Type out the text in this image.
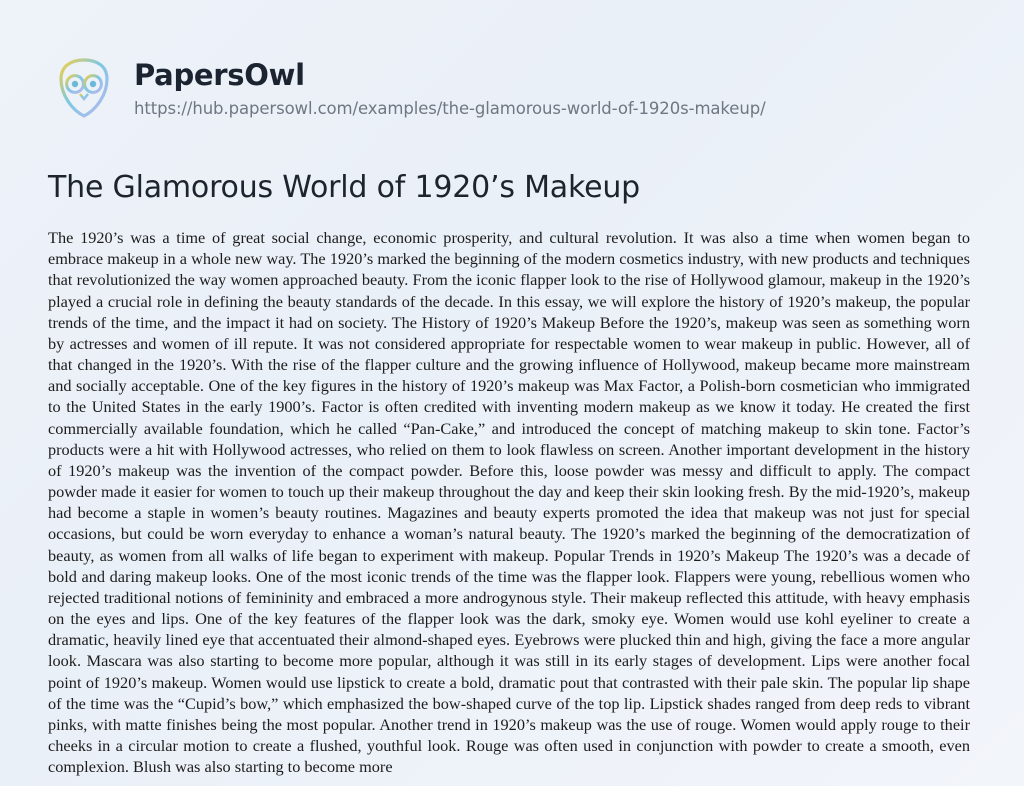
PapersOwl
https://hub.papersowl.com/examples/the-glamorous-world-of-1920s-makeup/
The Glamorous World of 1920’s Makeup

The 1920’s was a time of great social change, economic prosperity, and cultural revolution. It was also a time when women began to embrace makeup in a whole new way. The 1920’s marked the beginning of the modern cosmetics industry, with new products and techniques that revolutionized the way women approached beauty. From the iconic flapper look to the rise of Hollywood glamour, makeup in the 1920’s played a crucial role in defining the beauty standards of the decade. In this essay, we will explore the history of 1920’s makeup, the popular trends of the time, and the impact it had on society. The History of 1920’s Makeup Before the 1920’s, makeup was seen as something worn by actresses and women of ill repute. It was not considered appropriate for respectable women to wear makeup in public. However, all of that changed in the 1920’s. With the rise of the flapper culture and the growing influence of Hollywood, makeup became more mainstream and socially acceptable. One of the key figures in the history of 1920’s makeup was Max Factor, a Polish-born cosmetician who immigrated to the United States in the early 1900’s. Factor is often credited with inventing modern makeup as we know it today. He created the first commercially available foundation, which he called “Pan-Cake,” and introduced the concept of matching makeup to skin tone. Factor’s products were a hit with Hollywood actresses, who relied on them to look flawless on screen. Another important development in the history of 1920’s makeup was the invention of the compact powder. Before this, loose powder was messy and difficult to apply. The compact powder made it easier for women to touch up their makeup throughout the day and keep their skin looking fresh. By the mid-1920’s, makeup had become a staple in women’s beauty routines. Magazines and beauty experts promoted the idea that makeup was not just for special occasions, but could be worn everyday to enhance a woman’s natural beauty. The 1920’s marked the beginning of the democratization of beauty, as women from all walks of life began to experiment with makeup. Popular Trends in 1920’s Makeup The 1920’s was a decade of bold and daring makeup looks. One of the most iconic trends of the time was the flapper look. Flappers were young, rebellious women who rejected traditional notions of femininity and embraced a more androgynous style. Their makeup reflected this attitude, with heavy emphasis on the eyes and lips. One of the key features of the flapper look was the dark, smoky eye. Women would use kohl eyeliner to create a dramatic, heavily lined eye that accentuated their almond-shaped eyes. Eyebrows were plucked thin and high, giving the face a more angular look. Mascara was also starting to become more popular, although it was still in its early stages of development. Lips were another focal point of 1920’s makeup. Women would use lipstick to create a bold, dramatic pout that contrasted with their pale skin. The popular lip shape of the time was the “Cupid’s bow,” which emphasized the bow-shaped curve of the top lip. Lipstick shades ranged from deep reds to vibrant pinks, with matte finishes being the most popular. Another trend in 1920’s makeup was the use of rouge. Women would apply rouge to their cheeks in a circular motion to create a flushed, youthful look. Rouge was often used in conjunction with powder to create a smooth, even complexion. Blush was also starting to become more
